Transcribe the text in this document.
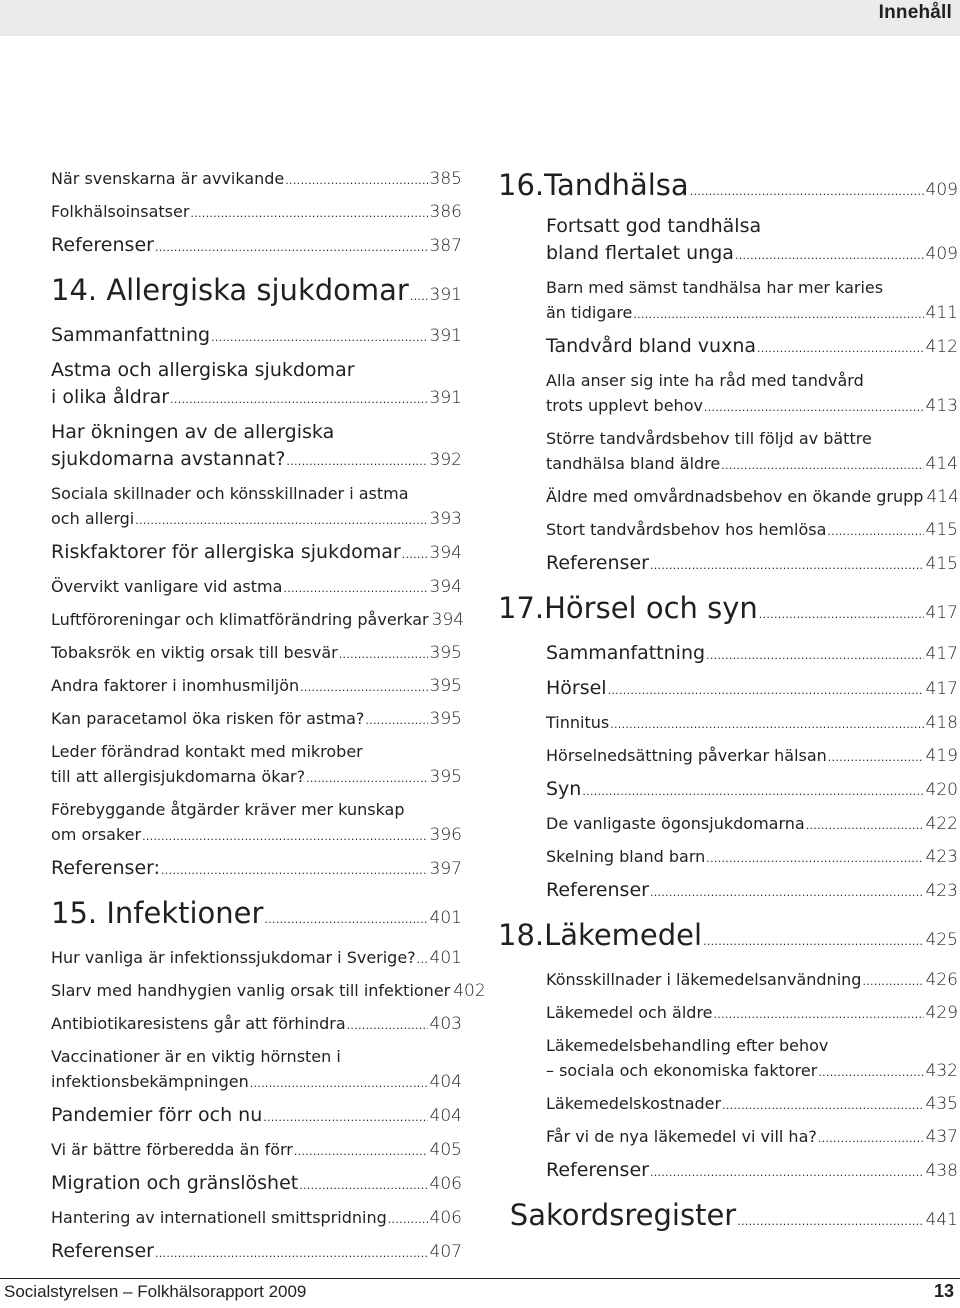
Innehåll
När svenskarna är avvikande .....	385
Folkhälsoinsatser .....	386
Referenser .....	387
14. Allergiska sjukdomar ..... 391
Sammanfattning .....	391
Astma och allergiska sjukdomar
i olika åldrar .....	391
Har ökningen av de allergiska
sjukdomarna avstannat? .....	392
Sociala skillnader och könsskillnader i astma
och allergi .....	393
Riskfaktorer för allergiska sjukdomar ..... 394
Övervikt vanligare vid astma .....	394
Luftföroreningar och klimatförändring påverkar 394
Tobaksrök en viktig orsak till besvär .....	395
Andra faktorer i inomhusmiljön .....	395
Kan paracetamol öka risken för astma? .....	395
Leder förändrad kontakt med mikrober
till att allergisjukdomarna ökar? .....	395
Förebyggande åtgärder kräver mer kunskap
om orsaker .....	396
Referenser: .....	397
15. Infektioner .....	401
Hur vanliga är infektionssjukdomar i Sverige? ..... 401
Slarv med handhygien vanlig orsak till infektioner 402
Antibiotikaresistens går att förhindra .....	403
Vaccinationer är en viktig hörnsten i
infektionsbekämpningen .....	404
Pandemier förr och nu .....	404
Vi är bättre förberedda än förr .....	405
Migration och gränslöshet .....	406
Hantering av internationell smittspridning .....	406
Referenser .....	407
16. Tandhälsa .....	409
Fortsatt god tandhälsa
bland flertalet unga .....	409
Barn med sämst tandhälsa har mer karies
än tidigare .....	411
Tandvård bland vuxna .....	412
Alla anser sig inte ha råd med tandvård
trots upplevt behov .....	413
Större tandvårdsbehov till följd av bättre
tandhälsa bland äldre .....	414
Äldre med omvårdnadsbehov en ökande grupp 414
Stort tandvårdsbehov hos hemlösa .....	415
Referenser .....	415
17. Hörsel och syn .....	417
Sammanfattning .....	417
Hörsel .....	417
Tinnitus .....	418
Hörselnedsättning påverkar hälsan .....	419
Syn .....	420
De vanligaste ögonsjukdomarna .....	422
Skelning bland barn .....	423
Referenser .....	423
18. Läkemedel .....	425
Könsskillnader i läkemedelsanvändning .....	426
Läkemedel och äldre .....	429
Läkemedelsbehandling efter behov
– sociala och ekonomiska faktorer .....	432
Läkemedelskostnader .....	435
Får vi de nya läkemedel vi vill ha? .....	437
Referenser .....	438
Sakordsregister .....	441
Socialstyrelsen – Folkhälsorapport 2009	13
